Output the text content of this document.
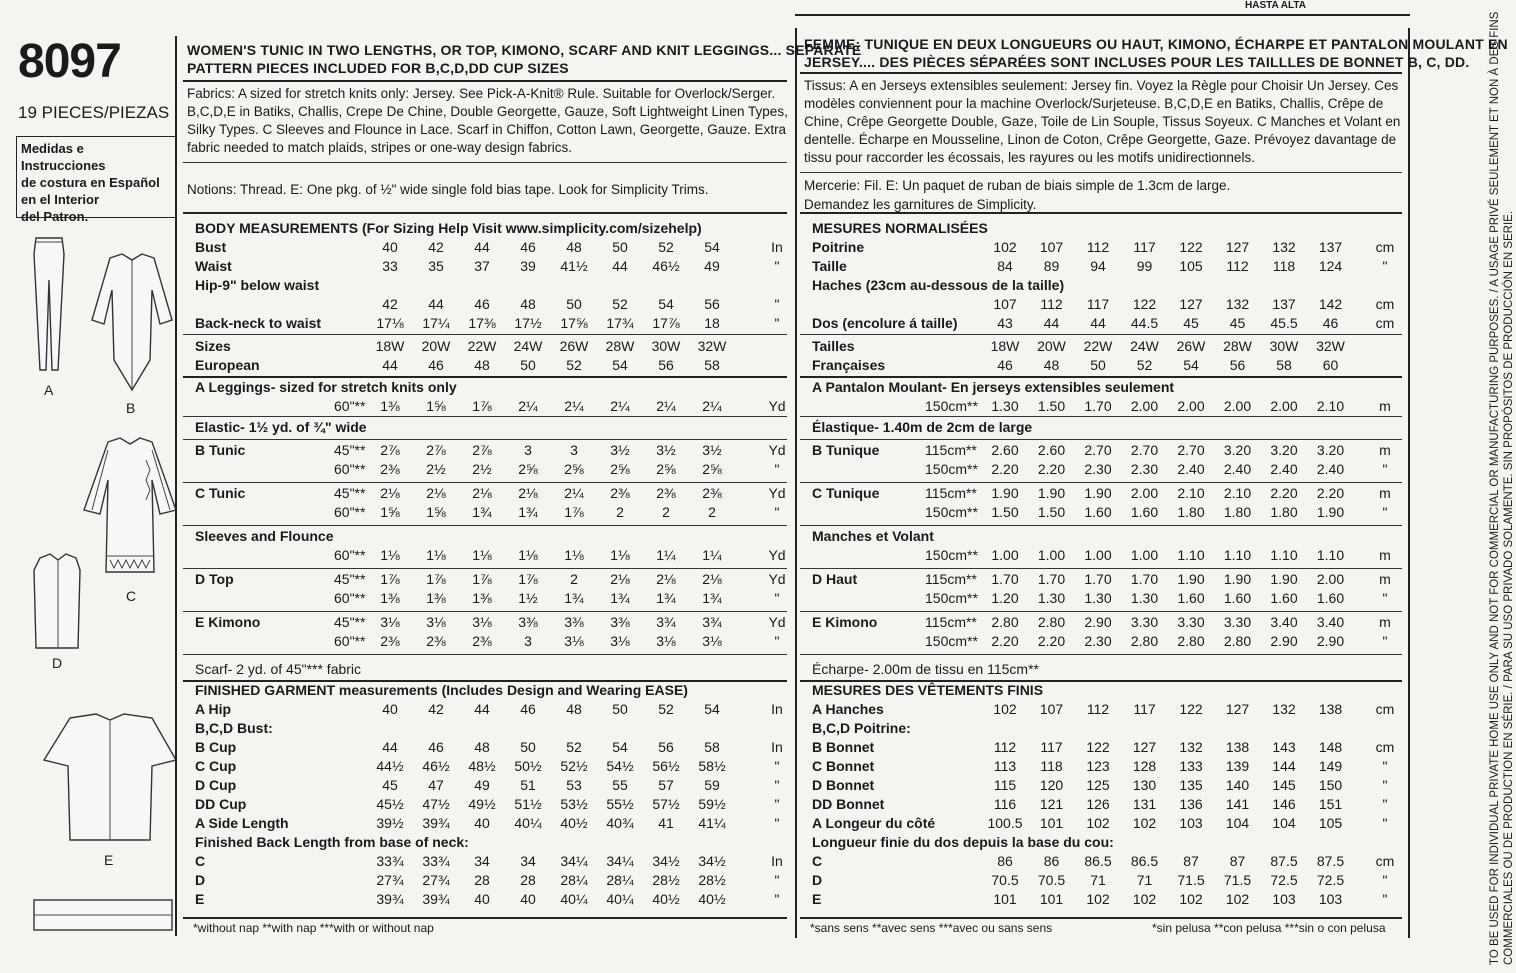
8097
19 PIECES/PIEZAS
Medidas e Instrucciones
de costura en Español
en el Interior
del Patron.
HASTA ALTA
A
B
C
D
E
WOMEN'S TUNIC IN TWO LENGTHS, OR TOP, KIMONO, SCARF AND KNIT LEGGINGS... SEPARATE
PATTERN PIECES INCLUDED FOR B,C,D,DD CUP SIZES
Fabrics: A sized for stretch knits only: Jersey. See Pick-A-Knit® Rule. Suitable for Overlock/Serger.
B,C,D,E in Batiks, Challis, Crepe De Chine, Double Georgette, Gauze, Soft Lightweight Linen Types,
Silky Types. C Sleeves and Flounce in Lace. Scarf in Chiffon, Cotton Lawn, Georgette, Gauze. Extra
fabric needed to match plaids, stripes or one-way design fabrics.
Notions: Thread. E: One pkg. of ½" wide single fold bias tape. Look for Simplicity Trims.
BODY MEASUREMENTS (For Sizing Help Visit www.simplicity.com/sizehelp)
Bust	40	42	44	46	48	50	52	54	In
Waist	33	35	37	39	41½	44	46½	49	"
Hip-9" below waist
42	44	46	48	50	52	54	56	"
Back-neck to waist	17⅛	17¼	17⅜	17½	17⅝	17¾	17⅞	18	"
Sizes	18W	20W	22W	24W	26W	28W	30W	32W
European	44	46	48	50	52	54	56	58
A Leggings- sized for stretch knits only
60"**	1⅜	1⅝	1⅞	2¼	2¼	2¼	2¼	2¼	Yd
Elastic- 1½ yd. of ¾" wide
B Tunic	45"**	2⅞	2⅞	2⅞	3	3	3½	3½	3½	Yd
60"**	2⅜	2½	2½	2⅝	2⅝	2⅝	2⅝	2⅝	"
C Tunic	45"**	2⅛	2⅛	2⅛	2⅛	2¼	2⅜	2⅜	2⅜	Yd
60"**	1⅝	1⅝	1¾	1¾	1⅞	2	2	2	"
Sleeves and Flounce
60"**	1⅛	1⅛	1⅛	1⅛	1⅛	1⅛	1¼	1¼	Yd
D Top	45"**	1⅞	1⅞	1⅞	1⅞	2	2⅛	2⅛	2⅛	Yd
60"**	1⅜	1⅜	1⅜	1½	1¾	1¾	1¾	1¾	"
E Kimono	45"**	3⅛	3⅛	3⅛	3⅜	3⅜	3⅜	3¾	3¾	Yd
60"**	2⅜	2⅜	2⅜	3	3⅛	3⅛	3⅛	3⅛	"
Scarf- 2 yd. of 45"*** fabric
FINISHED GARMENT measurements (Includes Design and Wearing EASE)
A Hip	40	42	44	46	48	50	52	54	In
B,C,D Bust:
B Cup	44	46	48	50	52	54	56	58	In
C Cup	44½	46½	48½	50½	52½	54½	56½	58½	"
D Cup	45	47	49	51	53	55	57	59	"
DD Cup	45½	47½	49½	51½	53½	55½	57½	59½	"
A Side Length	39½	39¾	40	40¼	40½	40¾	41	41¼	"
Finished Back Length from base of neck:
C	33¾	33¾	34	34	34¼	34¼	34½	34½	In
D	27¾	27¾	28	28	28¼	28¼	28½	28½	"
E	39¾	39¾	40	40	40¼	40¼	40½	40½	"
*without nap **with nap ***with or without nap
FEMME: TUNIQUE EN DEUX LONGUEURS OU HAUT, KIMONO, ÉCHARPE ET PANTALON MOULANT EN
JERSEY.... DES PIÈCES SÉPARÉES SONT INCLUSES POUR LES TAILLLES DE BONNET B, C, DD.
Tissus: A en Jerseys extensibles seulement: Jersey fin. Voyez la Règle pour Choisir Un Jersey. Ces
modèles conviennent pour la machine Overlock/Surjeteuse. B,C,D,E en Batiks, Challis, Crêpe de
Chine, Crêpe Georgette Double, Gaze, Toile de Lin Souple, Tissus Soyeux. C Manches et Volant en
dentelle. Écharpe en Mousseline, Linon de Coton, Crêpe Georgette, Gaze. Prévoyez davantage de
tissu pour raccorder les écossais, les rayures ou les motifs unidirectionnels.
Mercerie: Fil. E: Un paquet de ruban de biais simple de 1.3cm de large.
Demandez les garnitures de Simplicity.
MESURES NORMALISÉES
Poitrine	102	107	112	117	122	127	132	137	cm
Taille	84	89	94	99	105	112	118	124	"
Haches (23cm au-dessous de la taille)
107	112	117	122	127	132	137	142	cm
Dos (encolure á taille)	43	44	44	44.5	45	45	45.5	46	cm
Tailles	18W	20W	22W	24W	26W	28W	30W	32W
Françaises	46	48	50	52	54	56	58	60
A Pantalon Moulant- En jerseys extensibles seulement
150cm** 1.30	1.50	1.70	2.00	2.00	2.00	2.00	2.10	m
Élastique- 1.40m de 2cm de large
B Tunique	115cm**	2.60	2.60	2.70	2.70	2.70	3.20	3.20	3.20	m
150cm** 2.20	2.20	2.30	2.30	2.40	2.40	2.40	2.40	"
C Tunique	115cm**	1.90	1.90	1.90	2.00	2.10	2.10	2.20	2.20	m
150cm** 1.50	1.50	1.60	1.60	1.80	1.80	1.80	1.90	"
Manches et Volant
150cm** 1.00	1.00	1.00	1.00	1.10	1.10	1.10	1.10	m
D Haut	115cm**	1.70	1.70	1.70	1.70	1.90	1.90	1.90	2.00	m
150cm** 1.20	1.30	1.30	1.30	1.60	1.60	1.60	1.60	"
E Kimono	115cm**	2.80	2.80	2.90	3.30	3.30	3.30	3.40	3.40	m
150cm** 2.20	2.20	2.30	2.80	2.80	2.80	2.90	2.90	"
Écharpe- 2.00m de tissu en 115cm**
MESURES DES VÊTEMENTS FINIS
A Hanches	102	107	112	117	122	127	132	138	cm
B,C,D Poitrine:
B Bonnet	112	117	122	127	132	138	143	148	cm
C Bonnet	113	118	123	128	133	139	144	149	"
D Bonnet	115	120	125	130	135	140	145	150	"
DD Bonnet	116	121	126	131	136	141	146	151	"
A Longeur du côté	100.5	101	102	102	103	104	104	105	"
Longueur finie du dos depuis la base du cou:
C	86	86	86.5	86.5	87	87	87.5	87.5	cm
D	70.5	70.5	71	71	71.5	71.5	72.5	72.5	"
E	101	101	102	102	102	102	103	103	"
*sans sens **avec sens ***avec ou sans sens	*sin pelusa **con pelusa ***sin o con pelusa	TO BE USED FOR INDIVIDUAL PRIVATE HOME USE ONLY AND NOT FOR COMMERCIAL OR MANUFACTURING PURPOSES. / A USAGE PRIVÉ SEULEMENT ET NON À DES FINS COMMERCIALES OU DE PRODUCTION EN SÉRIE. / PARA SU USO PRIVADO SOLAMENTE. SIN PROPÓSITOS DE PRODUCCIÓN EN SERIE.
